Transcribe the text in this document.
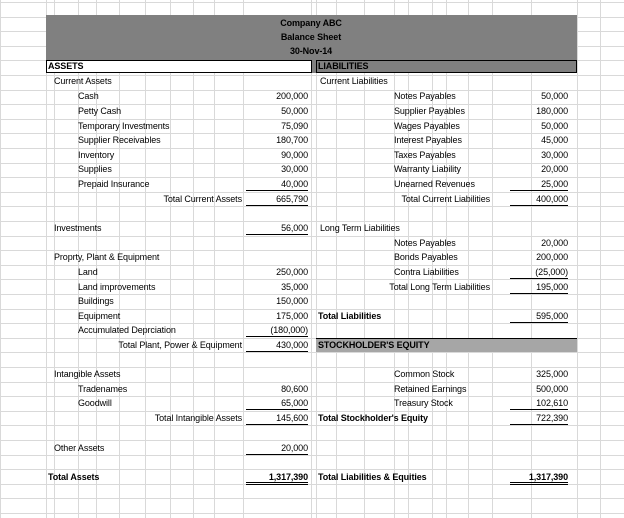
Company ABC
Balance Sheet
30-Nov-14
ASSETS	LIABILITIES
Current Assets
Cash	200,000
Petty Cash	50,000
Temporary Investments	75,090
Supplier Receivables	180,700
Inventory	90,000
Supplies	30,000
Prepaid Insurance	40,000
Total Current Assets	665,790
Current Liabilities
Notes Payables	50,000
Supplier Payables	180,000
Wages Payables	50,000
Interest Payables	45,000
Taxes Payables	30,000
Warranty Liability	20,000
Unearned Revenues	25,000
Total Current Liabilities	400,000
Investments	56,000 Long Term Liabilities
Notes Payables	20,000
Bonds Payables	200,000
Contra Liabilities	(25,000)
Total Long Term Liabilities	195,000
Proprty, Plant & Equipment
Land	250,000
Land improvements	35,000
Buildings	150,000
Equipment	175,000
Accumulated Deprciation	(180,000)
Total Plant, Power & Equipment	430,000
Total Liabilities	595,000
STOCKHOLDER'S EQUITY
Intangible Assets
Tradenames	80,600
Goodwill	65,000
Total Intangible Assets	145,600
Common Stock	325,000
Retained Earnings	500,000
Treasury Stock	102,610
Total Stockholder's Equity	722,390
Other Assets	20,000
Total Assets	1,317,390 Total Liabilities & Equities	1,317,390
